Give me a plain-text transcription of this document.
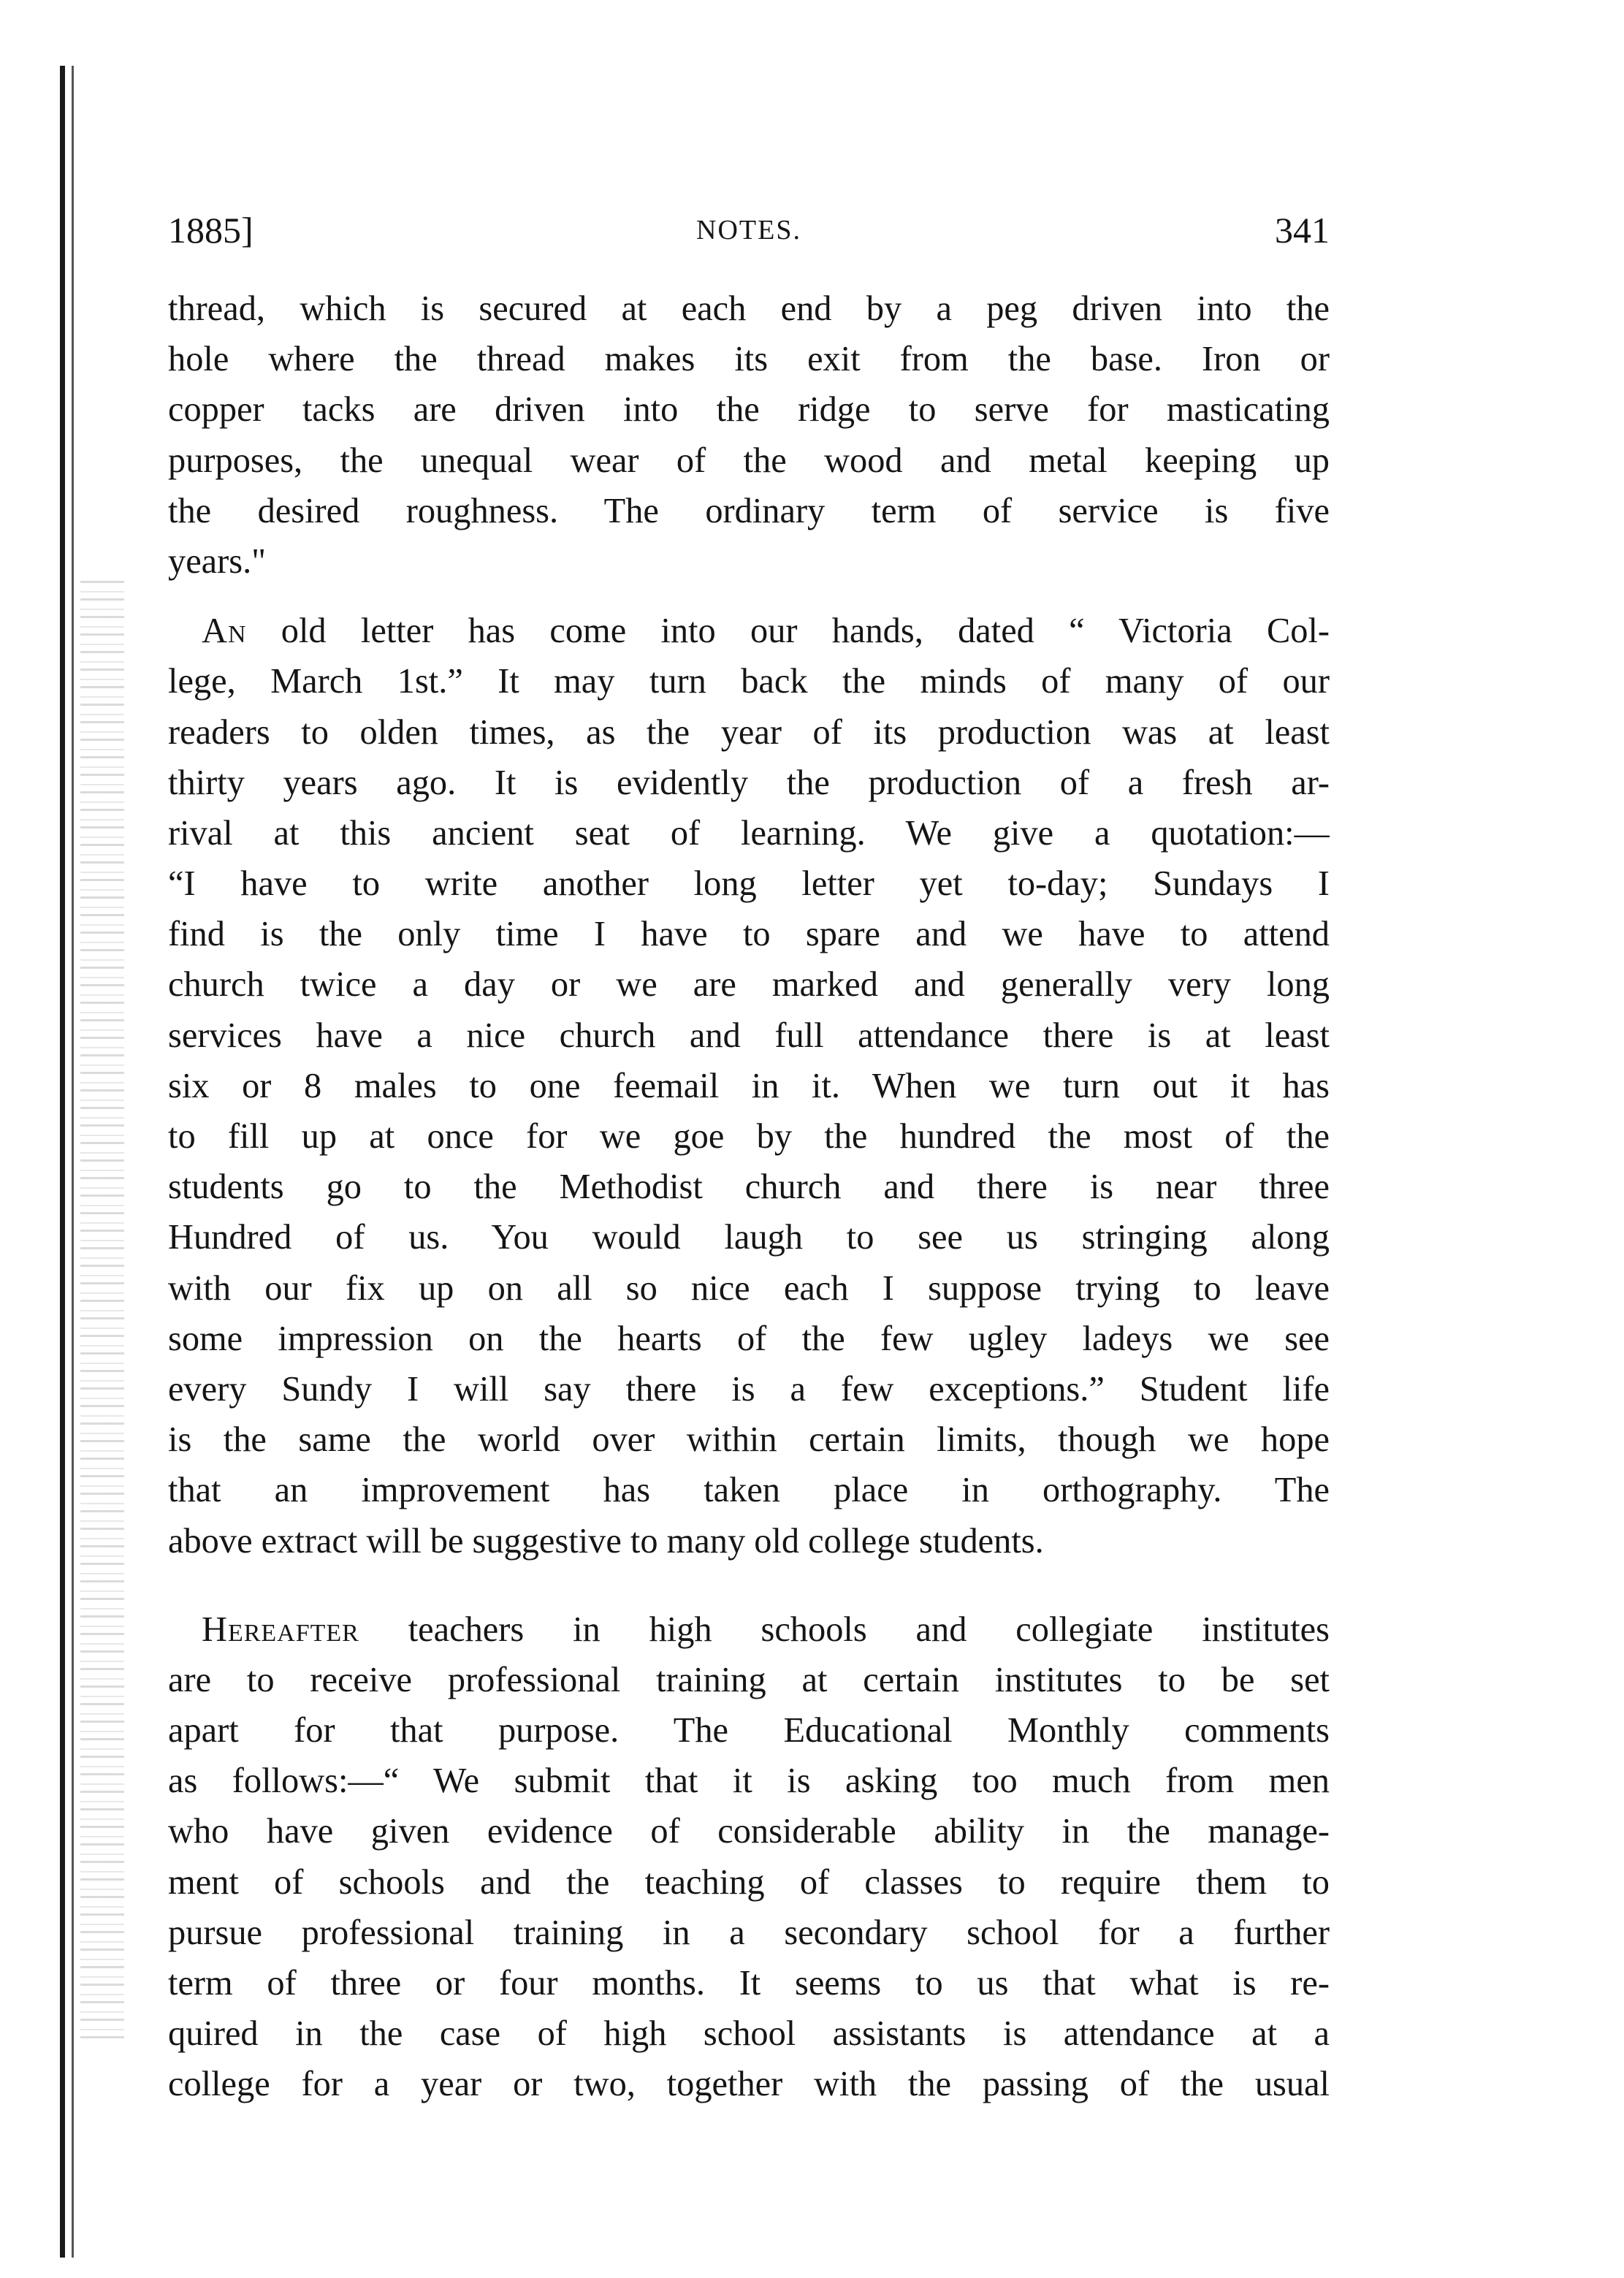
1885]	NOTES.	341

thread, which is secured at each end by a peg driven into the
hole where the thread makes its exit from the base. Iron or
copper tacks are driven into the ridge to serve for masticating
purposes, the unequal wear of the wood and metal keeping up
the desired roughness. The ordinary term of service is five
years."

An old letter has come into our hands, dated “ Victoria Col-
lege, March 1st.” It may turn back the minds of many of our
readers to olden times, as the year of its production was at least
thirty years ago. It is evidently the production of a fresh ar-
rival at this ancient seat of learning. We give a quotation:—
“I have to write another long letter yet to-day; Sundays I
find is the only time I have to spare and we have to attend
church twice a day or we are marked and generally very long
services have a nice church and full attendance there is at least
six or 8 males to one feemail in it. When we turn out it has
to fill up at once for we goe by the hundred the most of the
students go to the Methodist church and there is near three
Hundred of us. You would laugh to see us stringing along
with our fix up on all so nice each I suppose trying to leave
some impression on the hearts of the few ugley ladeys we see
every Sundy I will say there is a few exceptions.” Student life
is the same the world over within certain limits, though we hope
that an improvement has taken place in orthography. The
above extract will be suggestive to many old college students.

Hereafter teachers in high schools and collegiate institutes
are to receive professional training at certain institutes to be set
apart for that purpose. The Educational Monthly comments
as follows:—“ We submit that it is asking too much from men
who have given evidence of considerable ability in the manage-
ment of schools and the teaching of classes to require them to
pursue professional training in a secondary school for a further
term of three or four months. It seems to us that what is re-
quired in the case of high school assistants is attendance at a
college for a year or two, together with the passing of the usual
